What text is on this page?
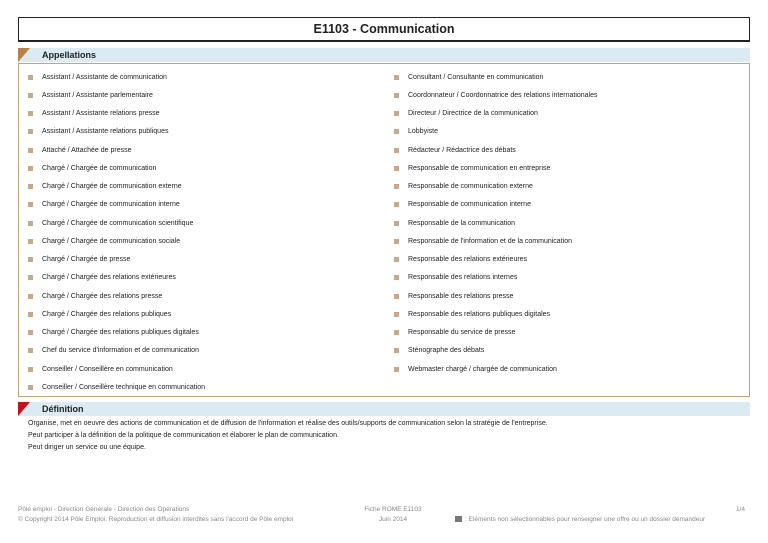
E1103 - Communication
Appellations
Assistant / Assistante de communication
Assistant / Assistante parlementaire
Assistant / Assistante relations presse
Assistant / Assistante relations publiques
Attaché / Attachée de presse
Chargé / Chargée de communication
Chargé / Chargée de communication externe
Chargé / Chargée de communication interne
Chargé / Chargée de communication scientifique
Chargé / Chargée de communication sociale
Chargé / Chargée de presse
Chargé / Chargée des relations extérieures
Chargé / Chargée des relations presse
Chargé / Chargée des relations publiques
Chargé / Chargée des relations publiques digitales
Chef du service d'information et de communication
Conseiller / Conseillère en communication
Conseiller / Conseillère technique en communication
Consultant / Consultante en communication
Coordonnateur / Coordonnatrice des relations internationales
Directeur / Directrice de la communication
Lobbyiste
Rédacteur / Rédactrice des débats
Responsable de communication en entreprise
Responsable de communication externe
Responsable de communication interne
Responsable de la communication
Responsable de l'information et de la communication
Responsable des relations extérieures
Responsable des relations internes
Responsable des relations presse
Responsable des relations publiques digitales
Responsable du service de presse
Sténographe des débats
Webmaster chargé / chargée de communication
Définition
Organise, met en oeuvre des actions de communication et de diffusion de l'information et réalise des outils/supports de communication selon la stratégie de l'entreprise.
Peut participer à la définition de la politique de communication et élaborer le plan de communication.
Peut diriger un service ou une équipe.
Pôle emploi - Direction Générale - Direction des Opérations
© Copyright 2014 Pôle Emploi. Reproduction et diffusion interdites sans l'accord de Pôle emploi
Fiche ROME E1103
Juin 2014	: Eléments non sélectionnables pour renseigner une offre ou un dossier demandeur
1/4
